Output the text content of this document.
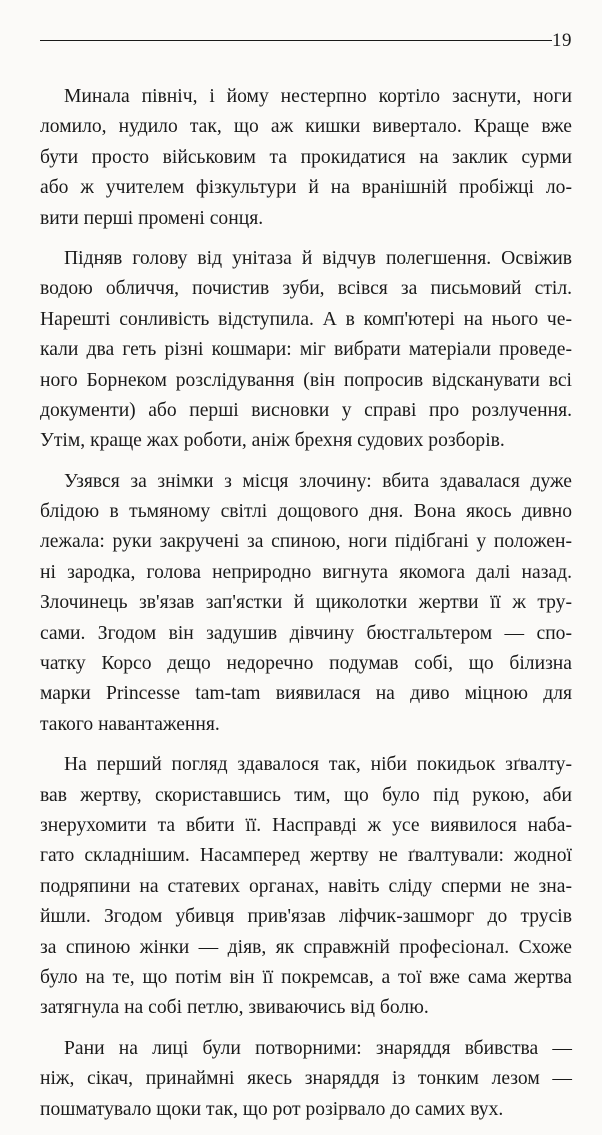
19
Минала північ, і йому нестерпно кортіло заснути, ноги
ломило, нудило так, що аж кишки вивертало. Краще вже
бути просто військовим та прокидатися на заклик сурми
або ж учителем фізкультури й на вранішній пробіжці ло-
вити перші промені сонця.
Підняв голову від унітаза й відчув полегшення. Освіжив
водою обличчя, почистив зуби, всівся за письмовий стіл.
Нарешті сонливість відступила. А в комп'ютері на нього че-
кали два геть різні кошмари: міг вибрати матеріали проведе-
ного Борнеком розслідування (він попросив відсканувати всі
документи) або перші висновки у справі про розлучення.
Утім, краще жах роботи, аніж брехня судових розборів.
Узявся за знімки з місця злочину: вбита здавалася дуже
блідою в тьмяному світлі дощового дня. Вона якось дивно
лежала: руки закручені за спиною, ноги підібгані у положен-
ні зародка, голова неприродно вигнута якомога далі назад.
Злочинець зв'язав зап'ястки й щиколотки жертви її ж тру-
сами. Згодом він задушив дівчину бюстгальтером — спо-
чатку Корсо дещо недоречно подумав собі, що білизна
марки Princesse tam-tam виявилася на диво міцною для
такого навантаження.
На перший погляд здавалося так, ніби покидьок зґвалту-
вав жертву, скориставшись тим, що було під рукою, аби
знерухомити та вбити її. Насправді ж усе виявилося наба-
гато складнішим. Насамперед жертву не ґвалтували: жодної
подряпини на статевих органах, навіть сліду сперми не зна-
йшли. Згодом убивця прив'язав ліфчик-зашморг до трусів
за спиною жінки — діяв, як справжній професіонал. Схоже
було на те, що потім він її покремсав, а тої вже сама жертва
затягнула на собі петлю, звиваючись від болю.
Рани на лиці були потворними: знаряддя вбивства —
ніж, сікач, принаймні якесь знаряддя із тонким лезом —
пошматувало щоки так, що рот розірвало до самих вух.
